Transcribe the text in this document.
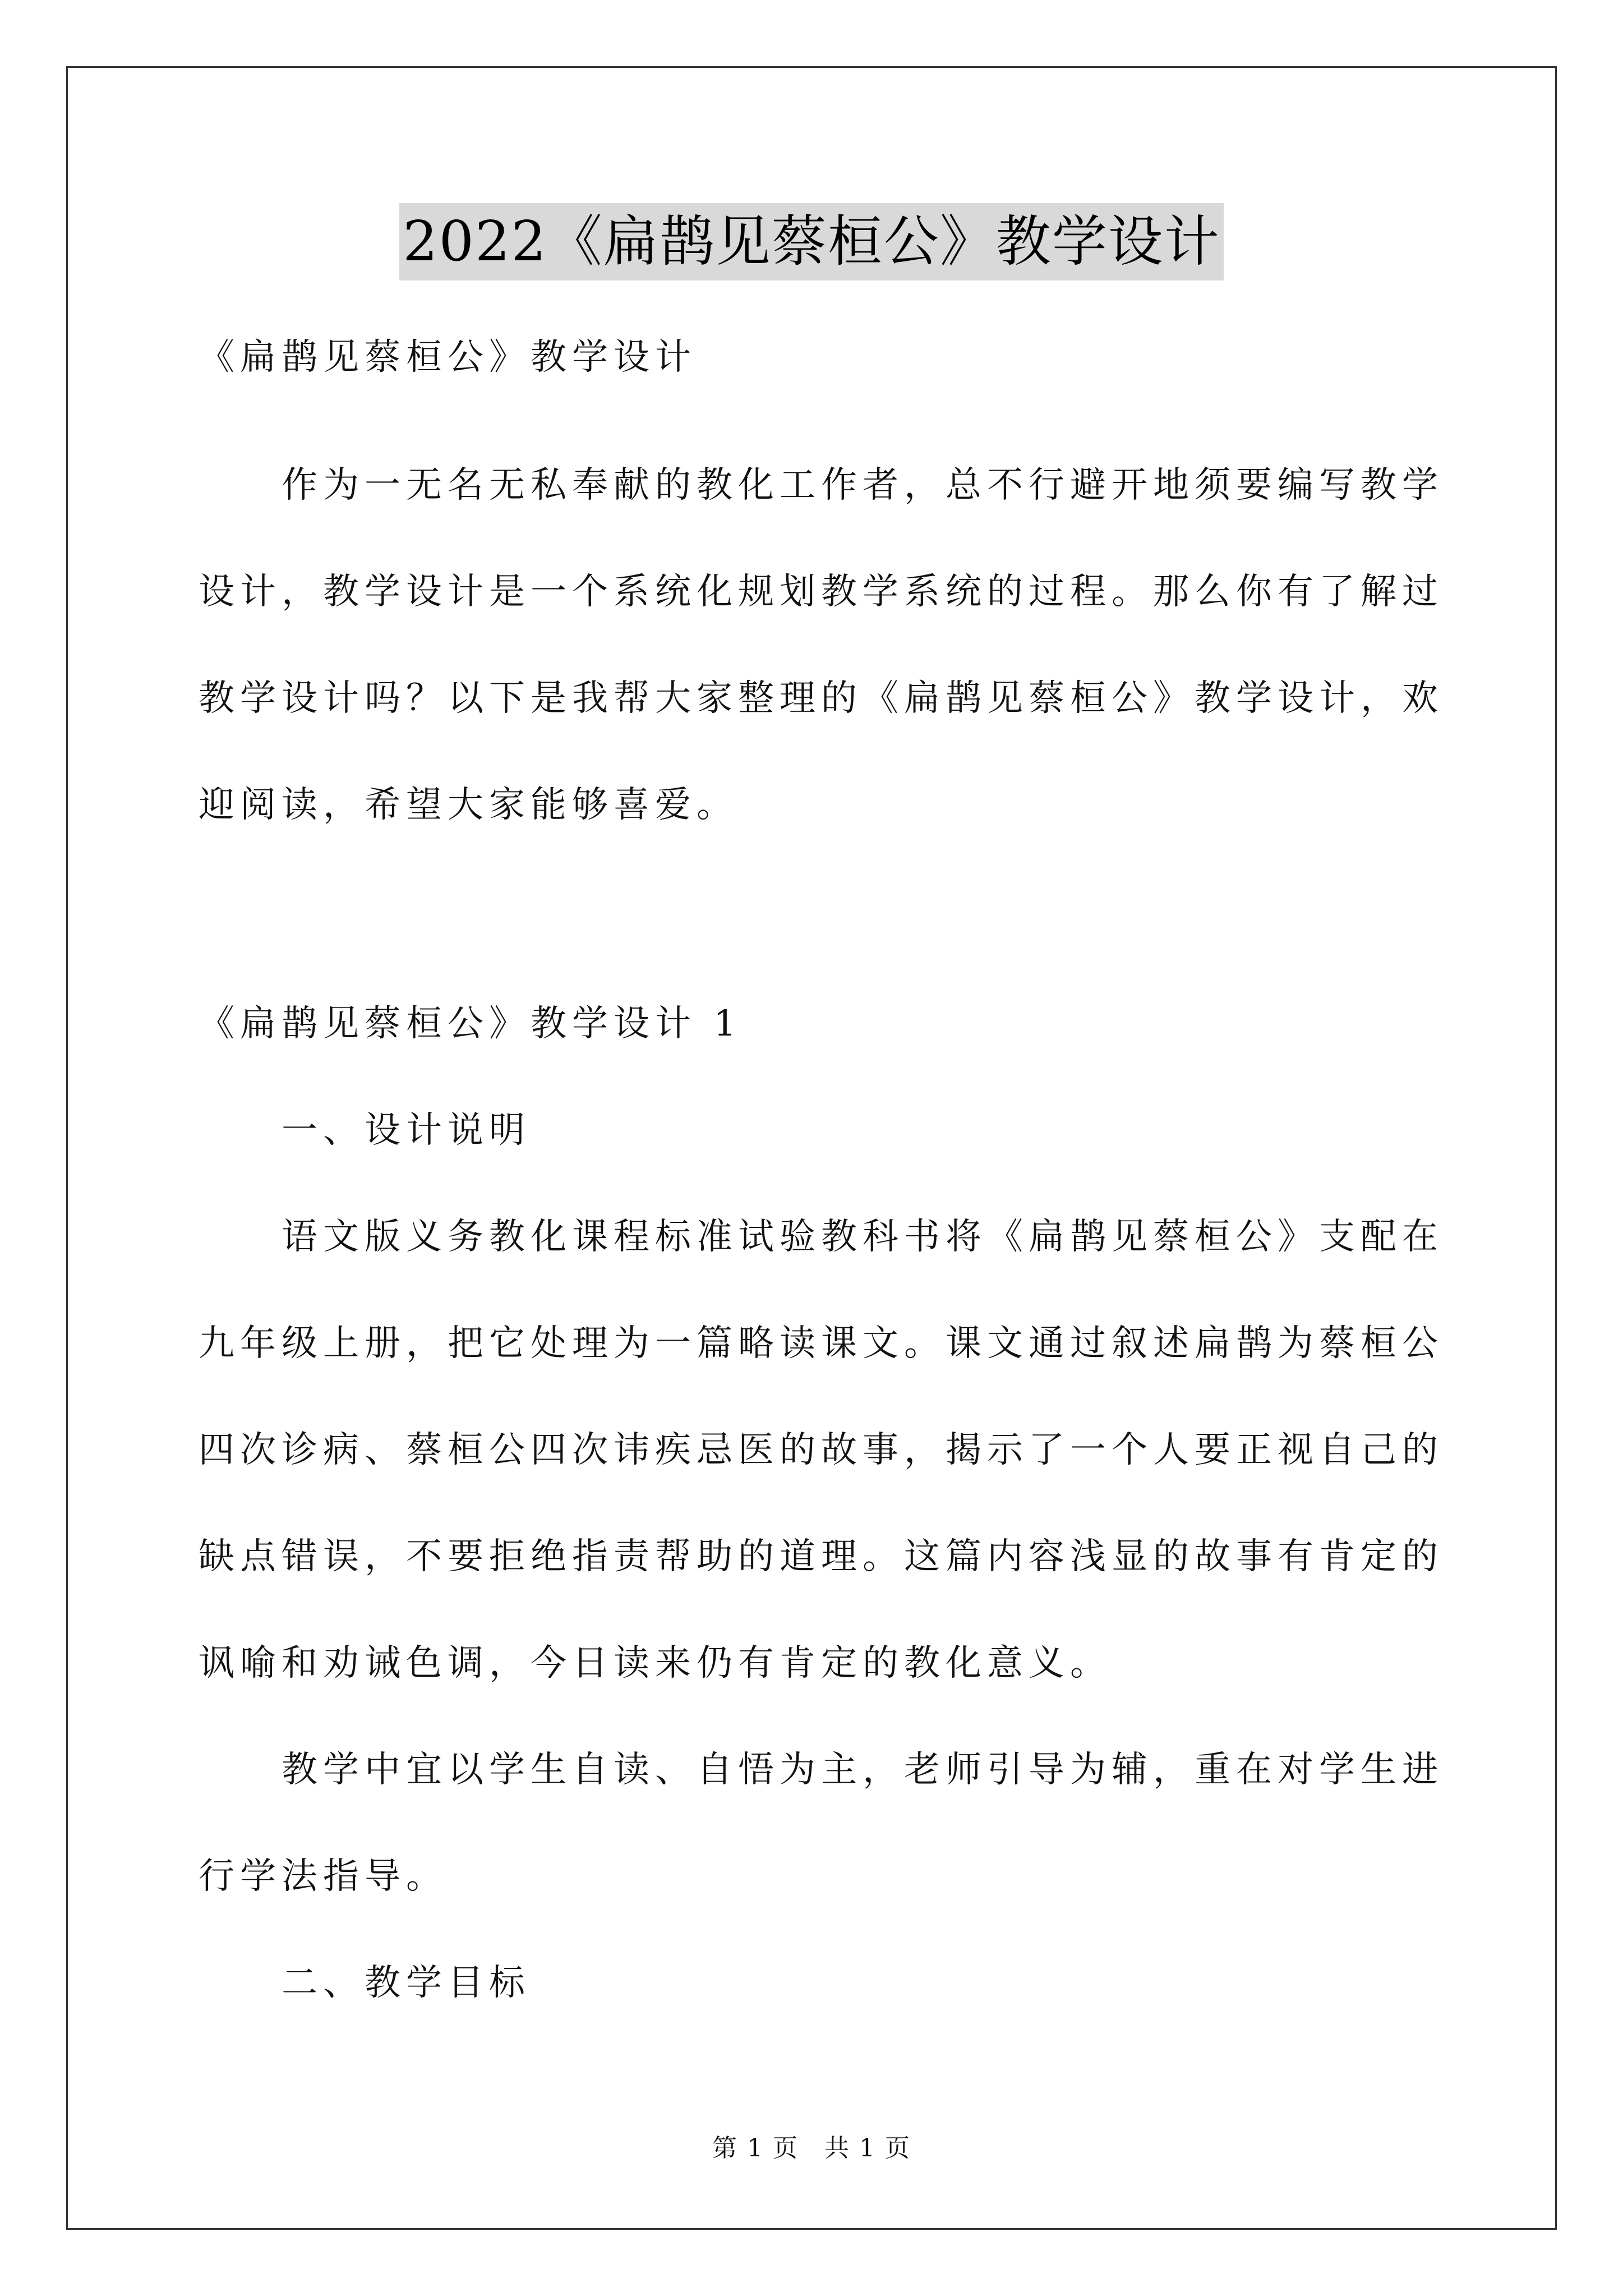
2022《扁鹊见蔡桓公》教学设计
《扁鹊见蔡桓公》教学设计
作为一无名无私奉献的教化工作者，总不行避开地须要编写教学
设计，教学设计是一个系统化规划教学系统的过程。那么你有了解过
教学设计吗？以下是我帮大家整理的《扁鹊见蔡桓公》教学设计，欢
迎阅读，希望大家能够喜爱。
《扁鹊见蔡桓公》教学设计 1
一、设计说明
语文版义务教化课程标准试验教科书将《扁鹊见蔡桓公》支配在
九年级上册，把它处理为一篇略读课文。课文通过叙述扁鹊为蔡桓公
四次诊病、蔡桓公四次讳疾忌医的故事，揭示了一个人要正视自己的
缺点错误，不要拒绝指责帮助的道理。这篇内容浅显的故事有肯定的
讽喻和劝诫色调，今日读来仍有肯定的教化意义。
教学中宜以学生自读、自悟为主，老师引导为辅，重在对学生进
行学法指导。
二、教学目标
第 1 页　共 1 页
